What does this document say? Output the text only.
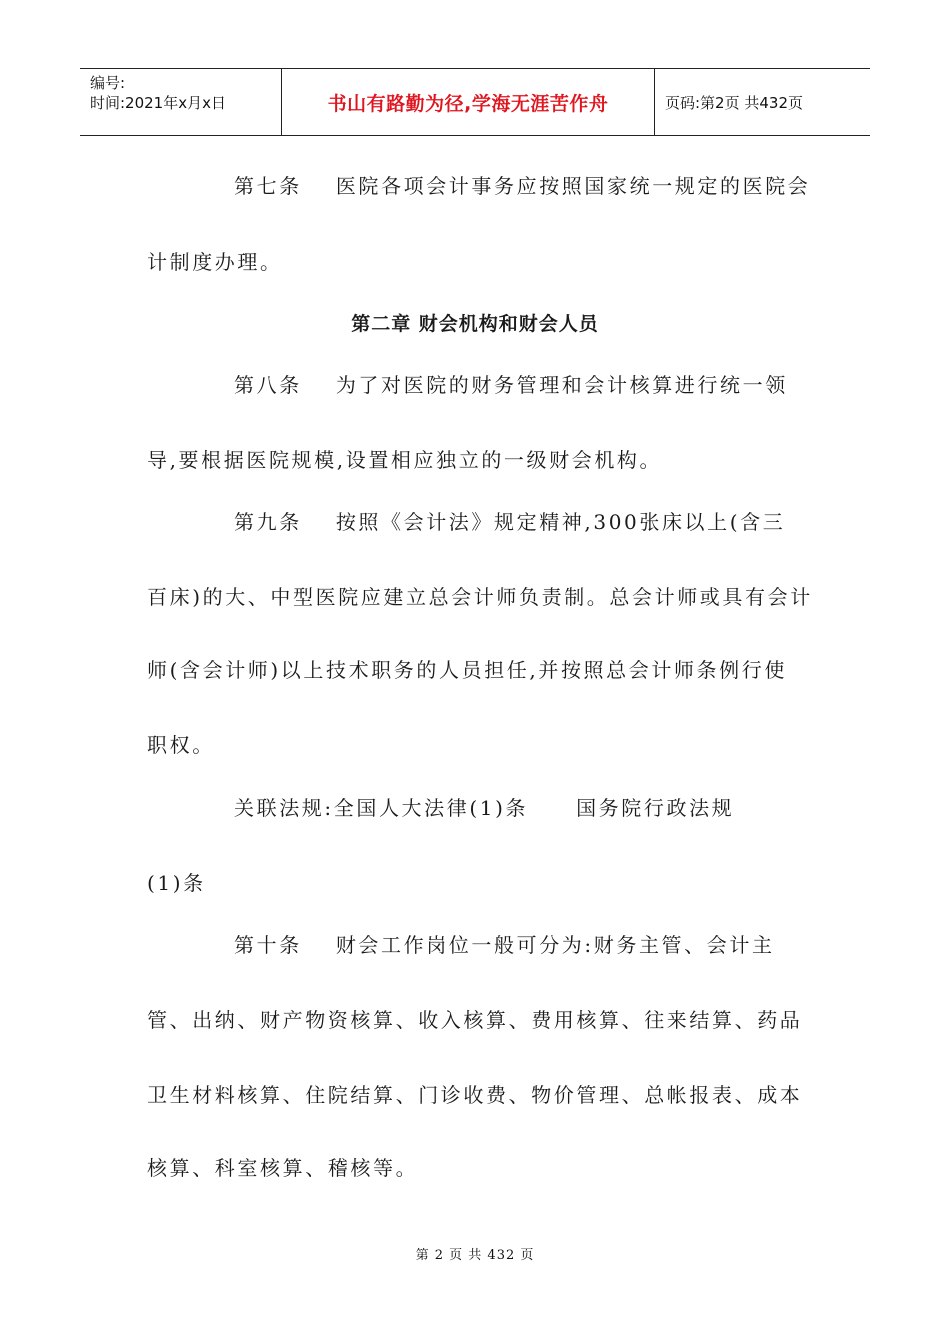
编号:
时间:2021年x月x日	书山有路勤为径,学海无涯苦作舟	页码:第2页 共432页
第七条 医院各项会计事务应按照国家统一规定的医院会
计制度办理。
第二章 财会机构和财会人员
第八条 为了对医院的财务管理和会计核算进行统一领
导,要根据医院规模,设置相应独立的一级财会机构。
第九条 按照《会计法》规定精神,300张床以上(含三
百床)的大、中型医院应建立总会计师负责制。总会计师或具有会计
师(含会计师)以上技术职务的人员担任,并按照总会计师条例行使
职权。
关联法规:全国人大法律(1)条 国务院行政法规
(1)条
第十条 财会工作岗位一般可分为:财务主管、会计主
管、出纳、财产物资核算、收入核算、费用核算、往来结算、药品
卫生材料核算、住院结算、门诊收费、物价管理、总帐报表、成本
核算、科室核算、稽核等。
第 2 页 共 432 页
